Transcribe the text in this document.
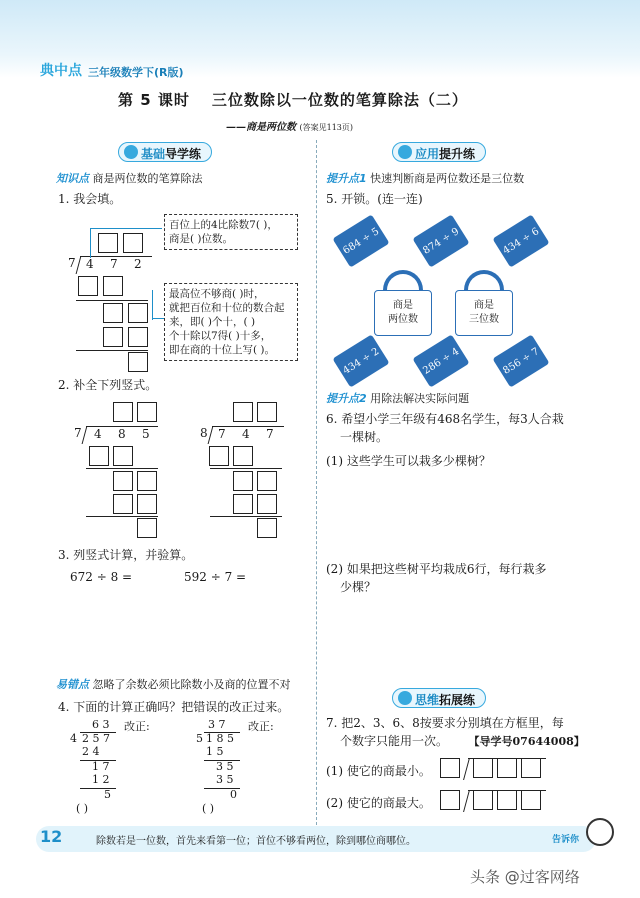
典中点 三年级数学下(R版)
第 5 课时 三位数除以一位数的笔算除法（二）
——商是两位数 (答案见113页)
基础导学练
知识点 商是两位数的笔算除法
1. 我会填。
7 4 7 2
百位上的4比除数7( )，
商是( )位数。
最高位不够商( )时，
就把百位和十位的数合起
来，即( )个十，( )
个十除以7得( )十多，
即在商的十位上写( )。
2. 补全下列竖式。
7 4 8 5	8 7 4 7
3. 列竖式计算，并验算。
672 ÷ 8 =	592 ÷ 7 =
易错点 忽略了余数必须比除数小及商的位置不对
4. 下面的计算正确吗？把错误的改正过来。
6 3 改正:
4 2 5 7
2 4
1 7
1 2
5
( )
3 7 改正:
5 1 8 5
1 5
3 5
3 5
0
( )
应用提升练
提升点1 快速判断商是两位数还是三位数
5. 开锁。(连一连)
684 ÷ 5	874 ÷ 9	434 ÷ 6
商是
两位数
商是
三位数
434 ÷ 2	286 ÷ 4	856 ÷ 7
提升点2 用除法解决实际问题
6. 希望小学三年级有468名学生，每3人合栽
一棵树。
(1) 这些学生可以栽多少棵树？
(2) 如果把这些树平均栽成6行，每行栽多
少棵？
思维拓展练
7. 把2、3、6、8按要求分别填在方框里，每
个数字只能用一次。 【导学号07644008】
(1) 使它的商最小。
(2) 使它的商最大。
12	除数若是一位数，首先来看第一位；首位不够看两位，除到哪位商哪位。	告诉你
头条 @过客网络
